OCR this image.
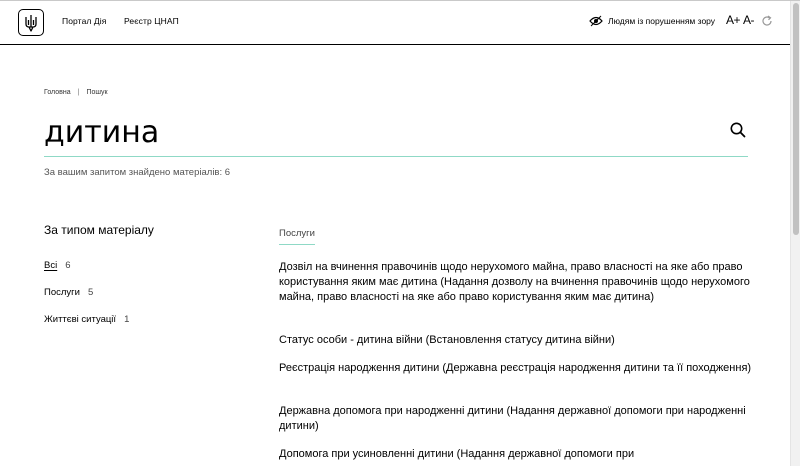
Портал Дія Реєстр ЦНАП	Людям із порушенням зору A+ A-
Головна | Пошук
дитина
За вашим запитом знайдено матеріалів: 6
За типом матеріалу
Всі 6
Послуги 5
Життєві ситуації 1
Послуги
Дозвіл на вчинення правочинів щодо нерухомого майна, право власності на яке або право користування яким має дитина (Надання дозволу на вчинення правочинів щодо нерухомого майна, право власності на яке або право користування яким має дитина)
Статус особи - дитина війни (Встановлення статусу дитина війни)
Реєстрація народження дитини (Державна реєстрація народження дитини та її походження)
Державна допомога при народженні дитини (Надання державної допомоги при народженні дитини)
Допомога при усиновленні дитини (Надання державної допомоги при
